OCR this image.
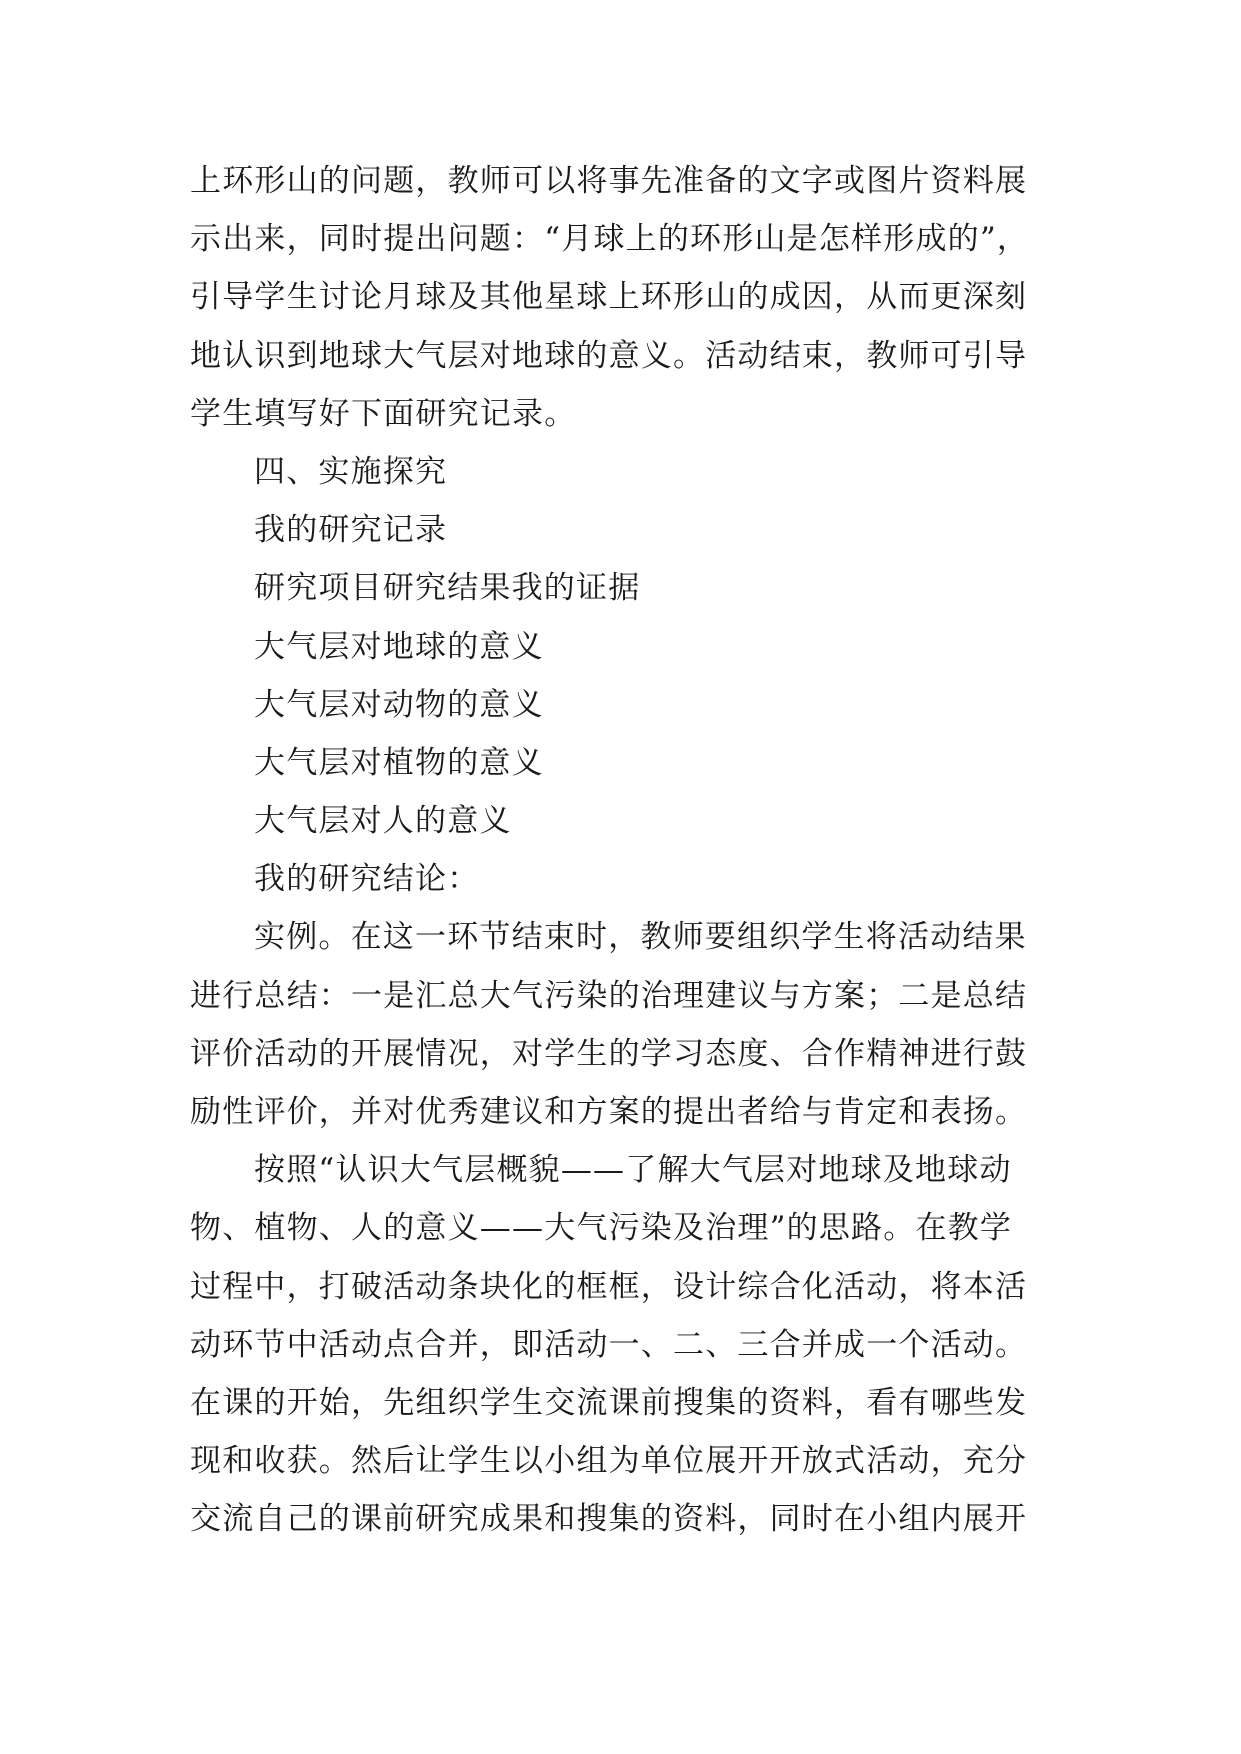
上环形山的问题，教师可以将事先准备的文字或图片资料展
示出来，同时提出问题：“月球上的环形山是怎样形成的”，
引导学生讨论月球及其他星球上环形山的成因，从而更深刻
地认识到地球大气层对地球的意义。活动结束，教师可引导
学生填写好下面研究记录。
四、实施探究
我的研究记录
研究项目研究结果我的证据
大气层对地球的意义
大气层对动物的意义
大气层对植物的意义
大气层对人的意义
我的研究结论：
实例。在这一环节结束时，教师要组织学生将活动结果
进行总结：一是汇总大气污染的治理建议与方案；二是总结
评价活动的开展情况，对学生的学习态度、合作精神进行鼓
励性评价，并对优秀建议和方案的提出者给与肯定和表扬。
按照“认识大气层概貌——了解大气层对地球及地球动
物、植物、人的意义——大气污染及治理”的思路。在教学
过程中，打破活动条块化的框框，设计综合化活动，将本活
动环节中活动点合并，即活动一、二、三合并成一个活动。
在课的开始，先组织学生交流课前搜集的资料，看有哪些发
现和收获。然后让学生以小组为单位展开开放式活动，充分
交流自己的课前研究成果和搜集的资料，同时在小组内展开
